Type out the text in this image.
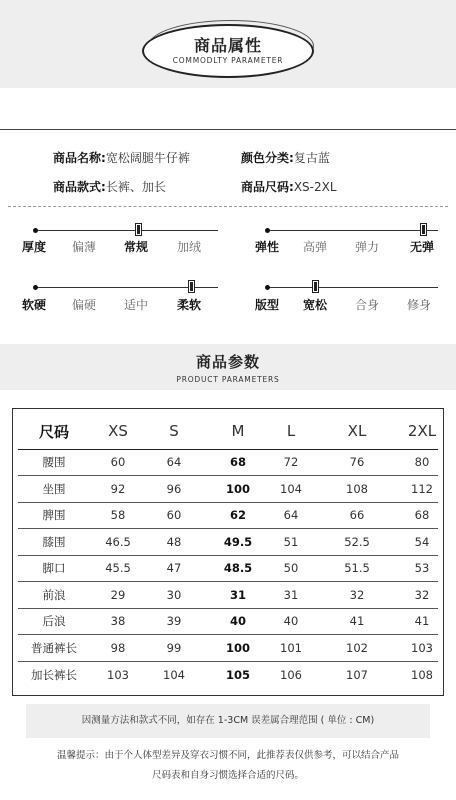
商品属性
COMMODLTY PARAMETER
商品名称:宽松阔腿牛仔裤	颜色分类:复古蓝
商品款式:长裤、加长	商品尺码:XS-2XL
厚度 偏薄 常规 加绒	弹性 高弹 弹力	无弹
软硬 偏硬 适中 柔软	版型 宽松 合身 修身
商品参数
PRODUCT PARAMETERS
尺码	XS	S	M	L	XL	2XL
腰围	60	64	68	72	76	80
坐围	92	96	100	104	108	112
脾围	58	60	62	64	66	68
膝围	46.5	48	49.5	51	52.5	54
脚口	45.5	47	48.5	50	51.5	53
前浪	29	30	31	31	32	32
后浪	38	39	40	40	41	41
普通裤长	98	99	100	101	102	103
加长裤长	103	104	105	106	107	108
因测量方法和款式不同，如存在 1-3CM 误差属合理范围 ( 单位 : CM)
温馨提示：由于个人体型差异及穿衣习惯不同，此推荐表仅供参考，可以结合产品
尺码表和自身习惯选择合适的尺码。
